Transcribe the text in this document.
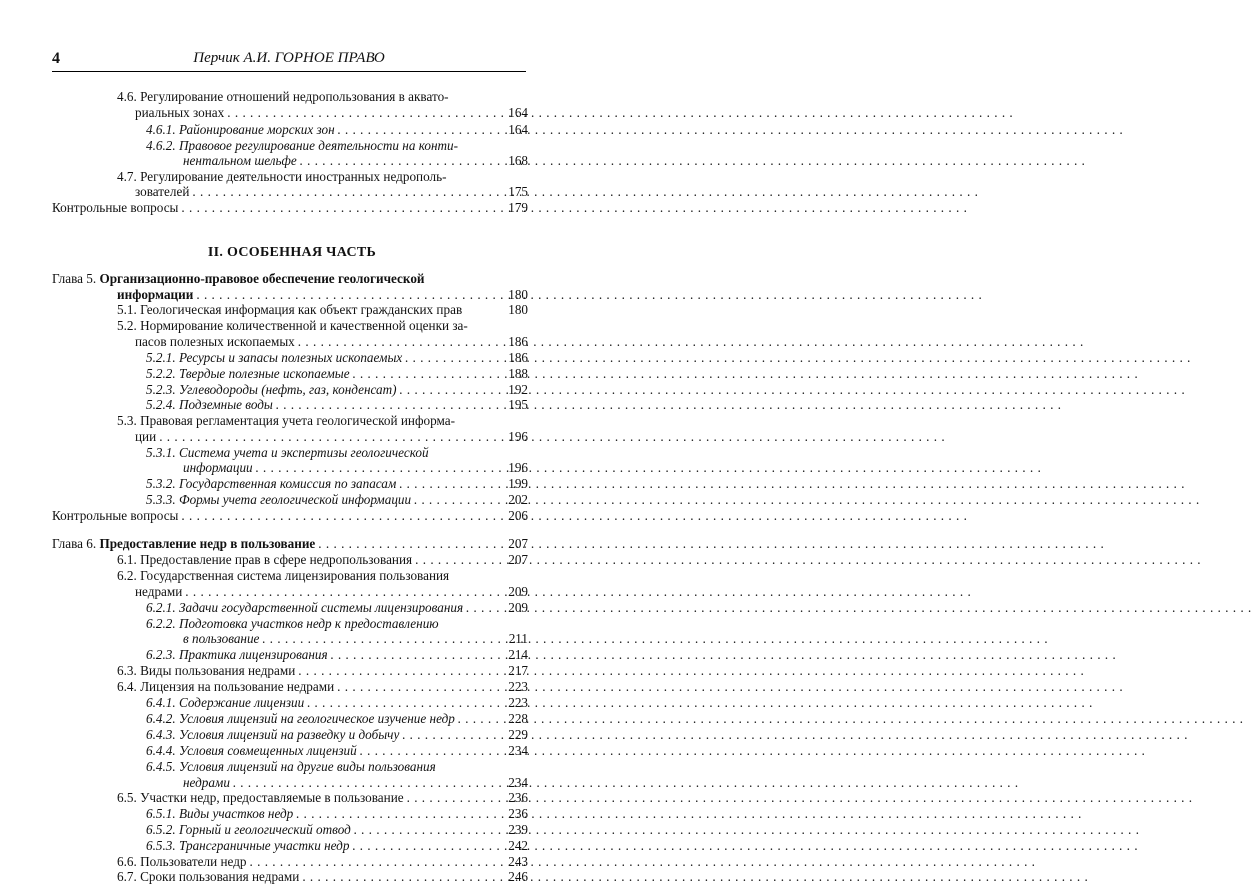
4	Перчик А.И. ГОРНОЕ ПРАВО
II. ОСОБЕННАЯ ЧАСТЬ
4.6. Регулирование отношений недропользования в аквато-
риальных зонах . . .	164
4.6.1. Районирование морских зон . . .	164
4.6.2. Правовое регулирование деятельности на конти-
нентальном шельфе . . .	168
4.7. Регулирование деятельности иностранных недрополь-
зователей . . .	175
Контрольные вопросы . . .	179
Глава 5. Организационно-правовое обеспечение геологической
информации . . .	180
5.1. Геологическая информация как объект гражданских прав	180
5.2. Нормирование количественной и качественной оценки за-
пасов полезных ископаемых . . .	186
5.2.1. Ресурсы и запасы полезных ископаемых . . .	186
5.2.2. Твердые полезные ископаемые . . .	188
5.2.3. Углеводороды (нефть, газ, конденсат) . . .	192
5.2.4. Подземные воды . . .	195
5.3. Правовая регламентация учета геологической информа-
ции . . .	196
5.3.1. Система учета и экспертизы геологической
информации . . .	196
5.3.2. Государственная комиссия по запасам . . .	199
5.3.3. Формы учета геологической информации . . .	202
Контрольные вопросы . . .	206
Глава 6. Предоставление недр в пользование . . .	207
6.1. Предоставление прав в сфере недропользования . . .	207
6.2. Государственная система лицензирования пользования
недрами . . .	209
6.2.1. Задачи государственной системы лицензирования . . .	209
6.2.2. Подготовка участков недр к предоставлению
в пользование . . .	211
6.2.3. Практика лицензирования . . .	214
6.3. Виды пользования недрами . . .	217
6.4. Лицензия на пользование недрами . . .	223
6.4.1. Содержание лицензии . . .	223
6.4.2. Условия лицензий на геологическое изучение недр . . .	228
6.4.3. Условия лицензий на разведку и добычу . . .	229
6.4.4. Условия совмещенных лицензий . . .	234
6.4.5. Условия лицензий на другие виды пользования
недрами . . .	234
6.5. Участки недр, предоставляемые в пользование . . .	236
6.5.1. Виды участков недр . . .	236
6.5.2. Горный и геологический отвод . . .	239
6.5.3. Трансграничные участки недр . . .	242
6.6. Пользователи недр . . .	243
6.7. Сроки пользования недрами . . .	246
